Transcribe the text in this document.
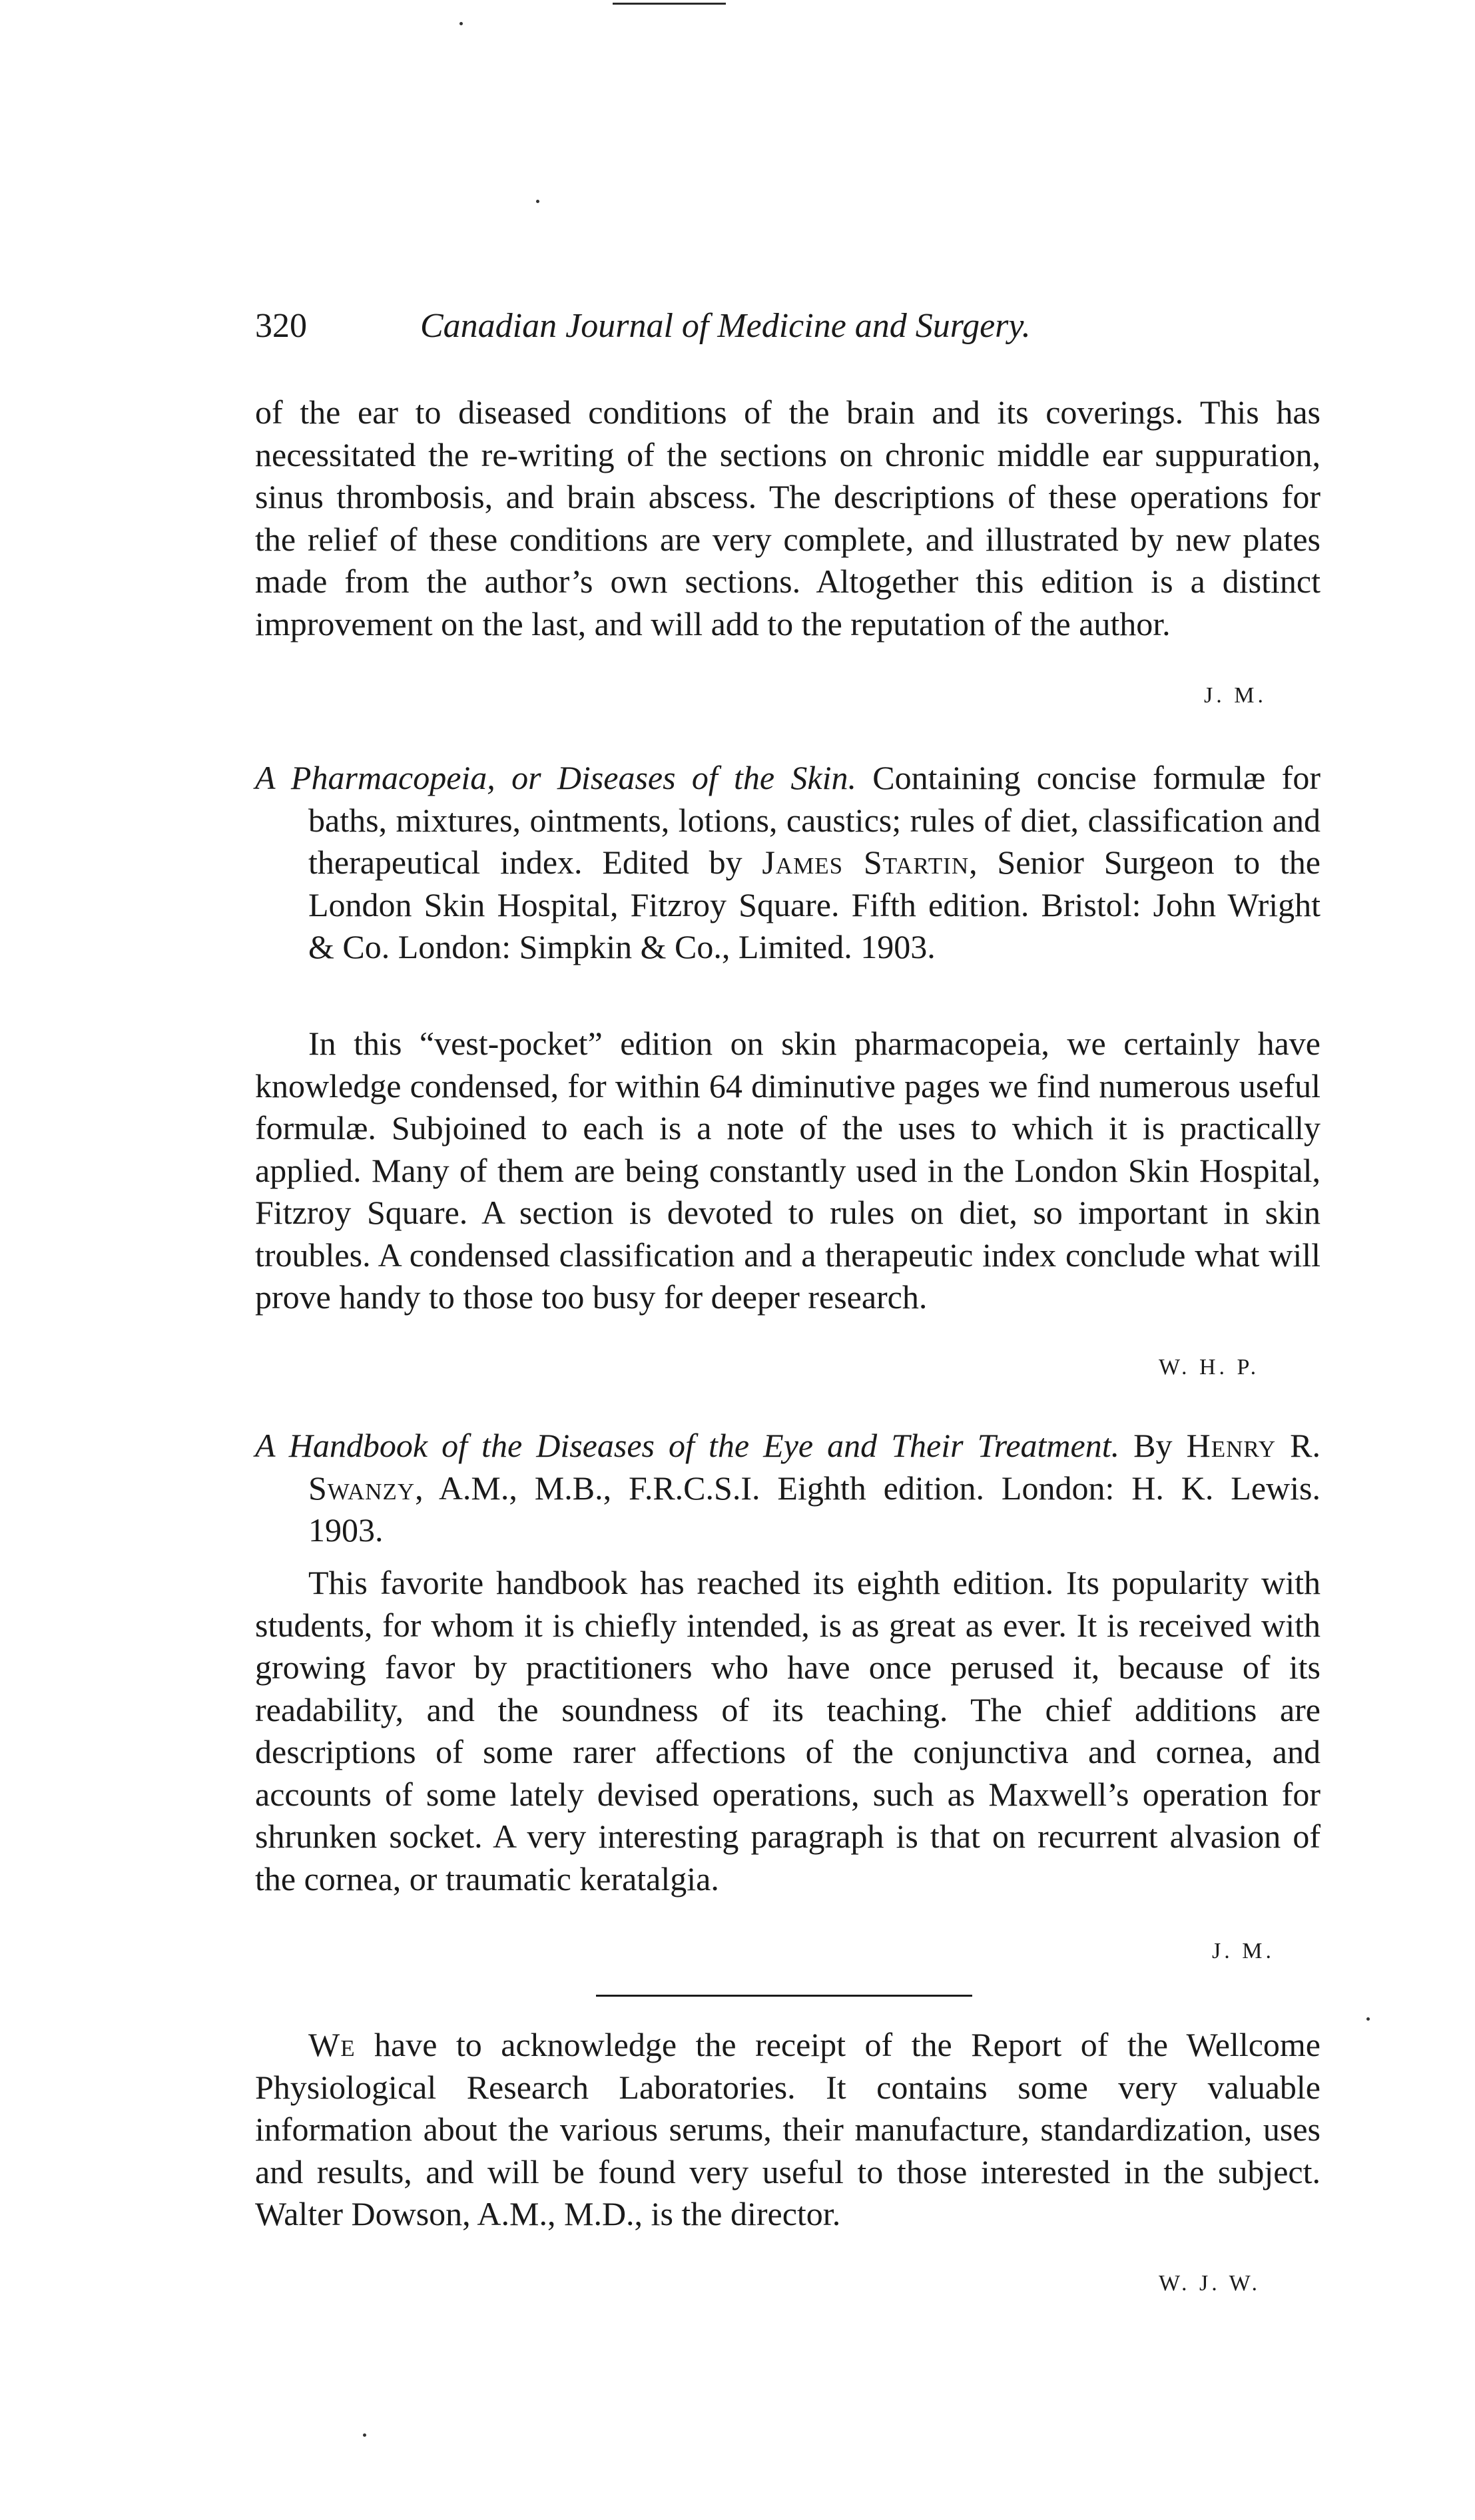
320	Canadian Journal of Medicine and Surgery.

of the ear to diseased conditions of the brain and its coverings. This has necessitated the re-writing of the sections on chronic middle ear suppuration, sinus thrombosis, and brain abscess. The descriptions of these operations for the relief of these conditions are very complete, and illustrated by new plates made from the author’s own sections. Altogether this edition is a distinct improvement on the last, and will add to the reputation of the author.

J. M.
A Pharmacopeia, or Diseases of the Skin. Containing concise formulæ for baths, mixtures, ointments, lotions, caustics; rules of diet, classification and therapeutical index. Edited by James Startin, Senior Surgeon to the London Skin Hospital, Fitzroy Square. Fifth edition. Bristol: John Wright & Co. London: Simpkin & Co., Limited. 1903.

In this “vest-pocket” edition on skin pharmacopeia, we certainly have knowledge condensed, for within 64 diminutive pages we find numerous useful formulæ. Subjoined to each is a note of the uses to which it is practically applied. Many of them are being constantly used in the London Skin Hospital, Fitzroy Square. A section is devoted to rules on diet, so important in skin troubles. A condensed classification and a therapeutic index conclude what will prove handy to those too busy for deeper research.

W. H. P.
A Handbook of the Diseases of the Eye and Their Treatment. By Henry R. Swanzy, A.M., M.B., F.R.C.S.I. Eighth edition. London: H. K. Lewis. 1903.

This favorite handbook has reached its eighth edition. Its popularity with students, for whom it is chiefly intended, is as great as ever. It is received with growing favor by practitioners who have once perused it, because of its readability, and the soundness of its teaching. The chief additions are descriptions of some rarer affections of the conjunctiva and cornea, and accounts of some lately devised operations, such as Maxwell’s operation for shrunken socket. A very interesting paragraph is that on recurrent alvasion of the cornea, or traumatic keratalgia.

J. M.

We have to acknowledge the receipt of the Report of the Wellcome Physiological Research Laboratories. It contains some very valuable information about the various serums, their manufacture, standardization, uses and results, and will be found very useful to those interested in the subject. Walter Dowson, A.M., M.D., is the director.

W. J. W.
